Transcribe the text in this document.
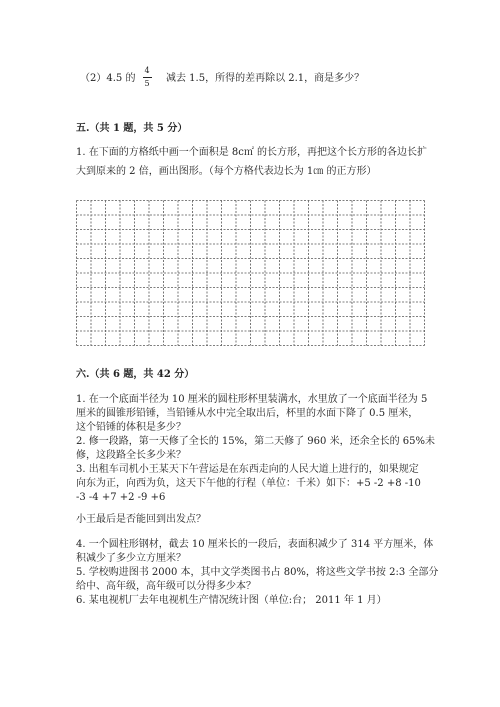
（2）4.5 的
4
5	减去 1.5，所得的差再除以 2.1，商是多少？
五.（共 1 题，共 5 分）
1. 在下面的方格纸中画一个面积是 8c㎡ 的长方形，再把这个长方形的各边长扩
大到原来的 2 倍，画出图形。（每个方格代表边长为 1㎝ 的正方形）
六.（共 6 题，共 42 分）
1. 在一个底面半径为 10 厘米的圆柱形杯里装满水，水里放了一个底面半径为 5
厘米的圆锥形铅锤，当铅锤从水中完全取出后，杯里的水面下降了 0.5 厘米，
这个铅锤的体积是多少？
2. 修一段路，第一天修了全长的 15%，第二天修了 960 米，还余全长的 65%未
修，这段路全长多少米？
3. 出租车司机小王某天下午营运是在东西走向的人民大道上进行的，如果规定
向东为正，向西为负，这天下午他的行程（单位：千米）如下：+5 -2 +8 -10
-3 -4 +7 +2 -9 +6
小王最后是否能回到出发点？
4. 一个圆柱形钢材，截去 10 厘米长的一段后，表面积减少了 314 平方厘米，体
积减少了多少立方厘米？
5. 学校购进图书 2000 本，其中文学类图书占 80%，将这些文学书按 2:3 全部分
给中、高年级，高年级可以分得多少本？
6. 某电视机厂去年电视机生产情况统计图（单位:台； 2011 年 1 月）
